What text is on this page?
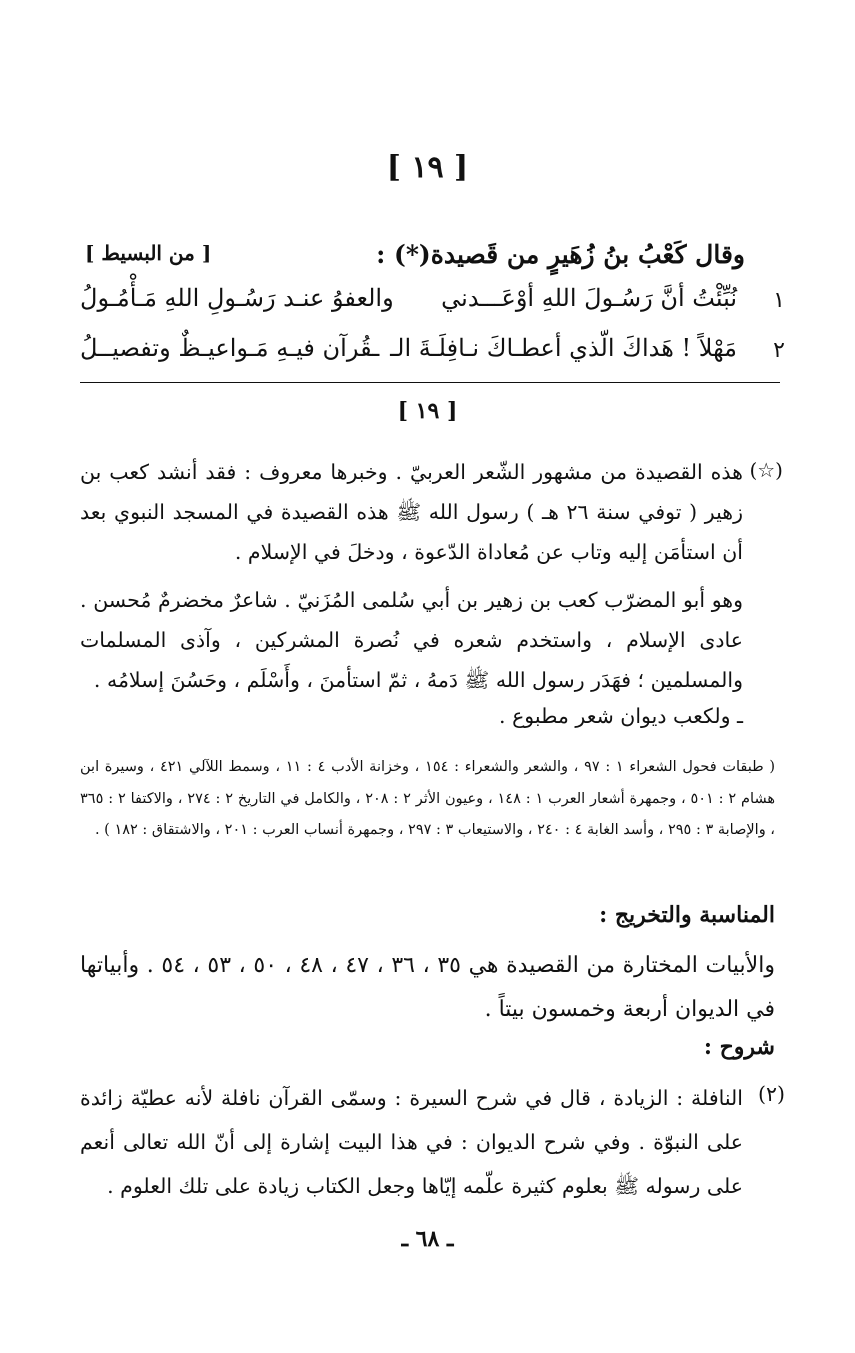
[ ١٩ ]
وقال كَعْبُ بنُ زُهَيرٍ من قَصيدة(*) :
[ من البسيط ]
١
نُبِّئْتُ أنَّ رَسُـولَ اللهِ أوْعَـــدني
والعفوُ عنـد رَسُـولِ اللهِ مَـأْمُـولُ
٢
مَهْلاً ! هَداكَ الّذي أعطـاكَ نـافِلَـةَ الـ
ـقُرآن فيـهِ مَـواعيـظٌ وتفصيــلُ
[ ١٩ ]
(☆)
هذه القصيدة من مشهور الشّعر العربيّ . وخبرها معروف : فقد أنشد كعب بن زهير ( توفي سنة ٢٦ هـ ) رسول الله ﷺ هذه القصيدة في المسجد النبوي بعد أن استأمَن إليه وتاب عن مُعاداة الدّعوة ، ودخلَ في الإسلام .
وهو أبو المضرّب كعب بن زهير بن أبي سُلمى المُزَنيّ . شاعرٌ مخضرمٌ مُحسن . عادى الإسلام ، واستخدم شعره في نُصرة المشركين ، وآذى المسلمات والمسلمين ؛ فهَدَر رسول الله ﷺ دَمهُ ، ثمّ استأمنَ ، وأَسْلَم ، وحَسُنَ إسلامُه .
ـ ولكعب ديوان شعر مطبوع .
( طبقات فحول الشعراء ١ : ٩٧ ، والشعر والشعراء : ١٥٤ ، وخزانة الأدب ٤ : ١١ ، وسمط اللآلي ٤٢١ ، وسيرة ابن هشام ٢ : ٥٠١ ، وجمهرة أشعار العرب ١ : ١٤٨ ، وعيون الأثر ٢ : ٢٠٨ ، والكامل في التاريخ ٢ : ٢٧٤ ، والاكتفا ٢ : ٣٦٥ ، والإصابة ٣ : ٢٩٥ ، وأسد الغابة ٤ : ٢٤٠ ، والاستيعاب ٣ : ٢٩٧ ، وجمهرة أنساب العرب : ٢٠١ ، والاشتقاق : ١٨٢ ) .
المناسبة والتخريج :
والأبيات المختارة من القصيدة هي ٣٥ ، ٣٦ ، ٤٧ ، ٤٨ ، ٥٠ ، ٥٣ ، ٥٤ . وأبياتها في الديوان أربعة وخمسون بيتاً .
شروح :
(٢)
النافلة : الزيادة ، قال في شرح السيرة : وسمّى القرآن نافلة لأنه عطيّة زائدة على النبوّة . وفي شرح الديوان : في هذا البيت إشارة إلى أنّ الله تعالى أنعم على رسوله ﷺ بعلوم كثيرة علّمه إيّاها وجعل الكتاب زيادة على تلك العلوم .
ـ ٦٨ ـ
